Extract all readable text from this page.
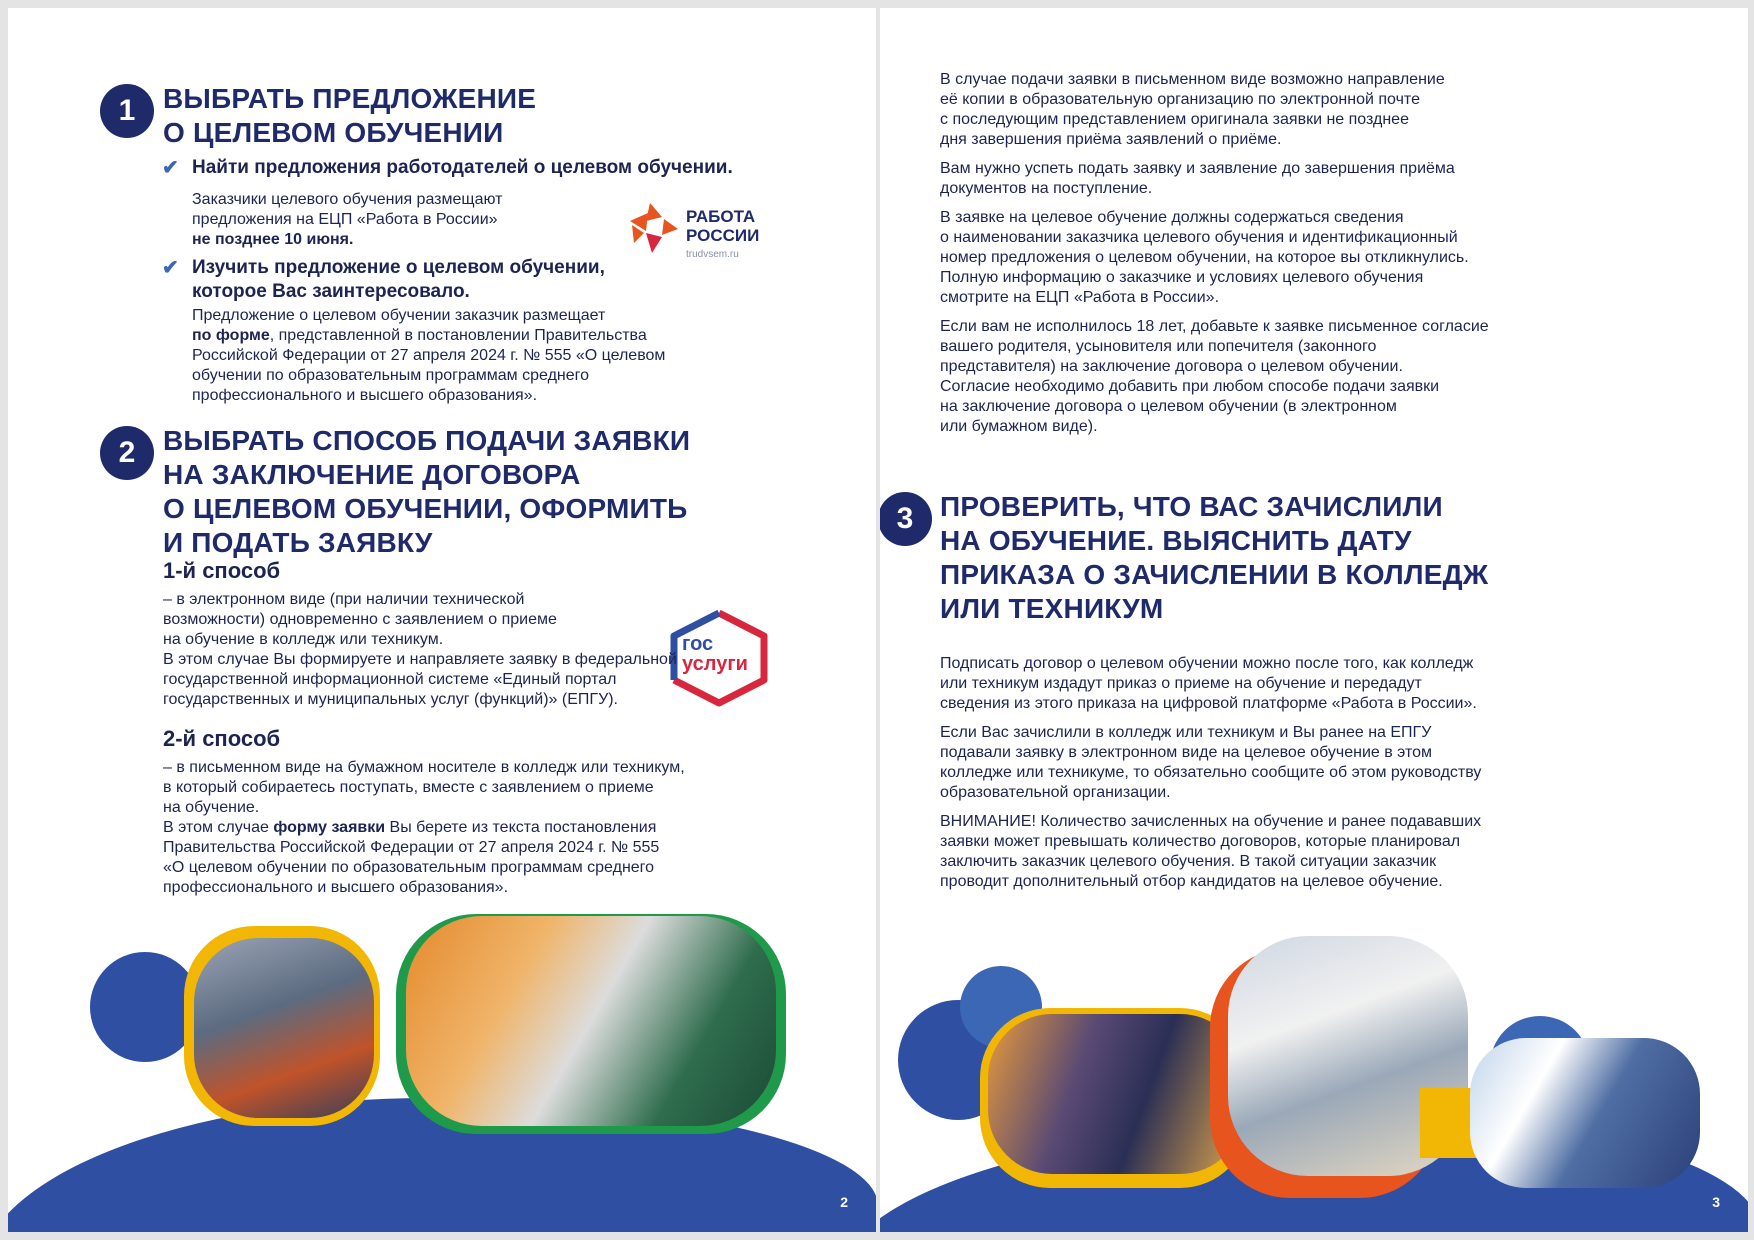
1 ВЫБРАТЬ ПРЕДЛОЖЕНИЕ
О ЦЕЛЕВОМ ОБУЧЕНИИ
✔ Найти предложения работодателей о целевом обучении.
Заказчики целевого обучения размещают
предложения на ЕЦП «Работа в России»
не позднее 10 июня.
РАБОТА
РОССИИ
trudvsem.ru
✔ Изучить предложение о целевом обучении,
которое Вас заинтересовало.
Предложение о целевом обучении заказчик размещает
по форме, представленной в постановлении Правительства
Российской Федерации от 27 апреля 2024 г. № 555 «О целевом
обучении по образовательным программам среднего
профессионального и высшего образования».
2 ВЫБРАТЬ СПОСОБ ПОДАЧИ ЗАЯВКИ
НА ЗАКЛЮЧЕНИЕ ДОГОВОРА
О ЦЕЛЕВОМ ОБУЧЕНИИ, ОФОРМИТЬ
И ПОДАТЬ ЗАЯВКУ
1-й способ
– в электронном виде (при наличии технической
возможности) одновременно с заявлением о приеме
на обучение в колледж или техникум.	гос
услуги
В этом случае Вы формируете и направляете заявку в федеральной
государственной информационной системе «Единый портал
государственных и муниципальных услуг (функций)» (ЕПГУ).
2-й способ
– в письменном виде на бумажном носителе в колледж или техникум,
в который собираетесь поступать, вместе с заявлением о приеме
на обучение.
В этом случае форму заявки Вы берете из текста постановления
Правительства Российской Федерации от 27 апреля 2024 г. № 555
«О целевом обучении по образовательным программам среднего
профессионального и высшего образования».
2
В случае подачи заявки в письменном виде возможно направление
её копии в образовательную организацию по электронной почте
с последующим представлением оригинала заявки не позднее
дня завершения приёма заявлений о приёме.
Вам нужно успеть подать заявку и заявление до завершения приёма
документов на поступление.
В заявке на целевое обучение должны содержаться сведения
о наименовании заказчика целевого обучения и идентификационный
номер предложения о целевом обучении, на которое вы откликнулись.
Полную информацию о заказчике и условиях целевого обучения
смотрите на ЕЦП «Работа в России».
Если вам не исполнилось 18 лет, добавьте к заявке письменное согласие
вашего родителя, усыновителя или попечителя (законного
представителя) на заключение договора о целевом обучении.
Согласие необходимо добавить при любом способе подачи заявки
на заключение договора о целевом обучении (в электронном
или бумажном виде).
3 ПРОВЕРИТЬ, ЧТО ВАС ЗАЧИСЛИЛИ
НА ОБУЧЕНИЕ. ВЫЯСНИТЬ ДАТУ
ПРИКАЗА О ЗАЧИСЛЕНИИ В КОЛЛЕДЖ
ИЛИ ТЕХНИКУМ
Подписать договор о целевом обучении можно после того, как колледж
или техникум издадут приказ о приеме на обучение и передадут
сведения из этого приказа на цифровой платформе «Работа в России».
Если Вас зачислили в колледж или техникум и Вы ранее на ЕПГУ
подавали заявку в электронном виде на целевое обучение в этом
колледже или техникуме, то обязательно сообщите об этом руководству
образовательной организации.
ВНИМАНИЕ! Количество зачисленных на обучение и ранее подававших
заявки может превышать количество договоров, которые планировал
заключить заказчик целевого обучения. В такой ситуации заказчик
проводит дополнительный отбор кандидатов на целевое обучение.
3
